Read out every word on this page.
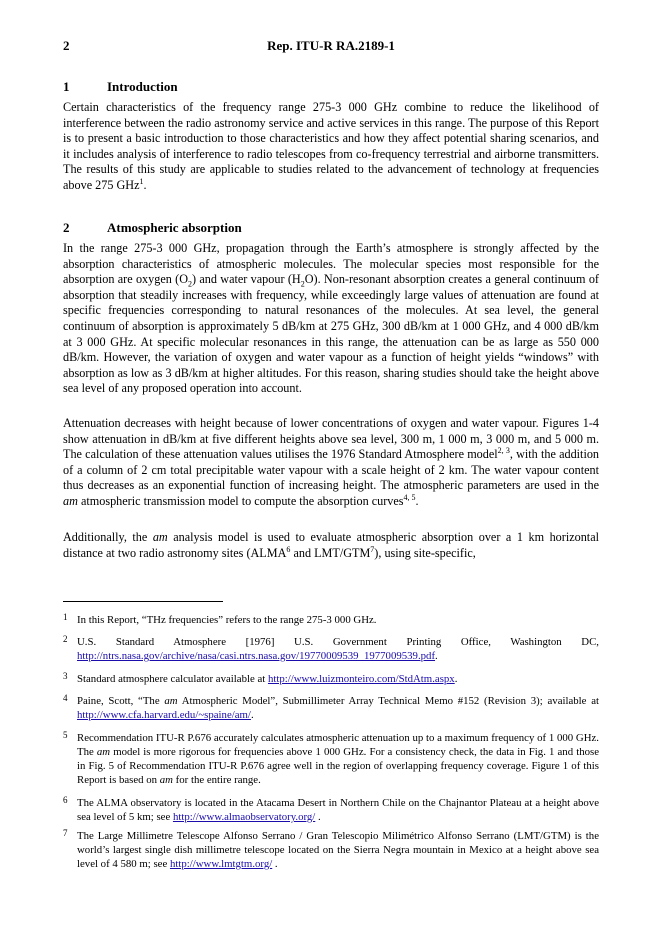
2	Rep. ITU-R RA.2189-1
1	Introduction

Certain characteristics of the frequency range 275-3 000 GHz combine to reduce the likelihood of interference between the radio astronomy service and active services in this range. The purpose of this Report is to present a basic introduction to those characteristics and how they affect potential sharing scenarios, and it includes analysis of interference to radio telescopes from co-frequency terrestrial and airborne transmitters. The results of this study are applicable to studies related to the advancement of technology at frequencies above 275 GHz$^1$.

2	Atmospheric absorption

In the range 275-3 000 GHz, propagation through the Earth’s atmosphere is strongly affected by the absorption characteristics of atmospheric molecules. The molecular species most responsible for the absorption are oxygen $(O_2)$ and water vapour $(H_2O)$. Non-resonant absorption creates a general continuum of absorption that steadily increases with frequency, while exceedingly large values of attenuation are found at specific frequencies corresponding to natural resonances of the molecules. At sea level, the general continuum of absorption is approximately 5 dB/km at 275 GHz, 300 dB/km at 1 000 GHz, and 4 000 dB/km at 3 000 GHz. At specific molecular resonances in this range, the attenuation can be as large as 550 000 dB/km. However, the variation of oxygen and water vapour as a function of height yields “windows” with absorption as low as 3 dB/km at higher altitudes. For this reason, sharing studies should take the height above sea level of any proposed operation into account.

Attenuation decreases with height because of lower concentrations of oxygen and water vapour. Figures 1-4 show attenuation in dB/km at five different heights above sea level, 300 m, 1 000 m, 3 000 m, and 5 000 m. The calculation of these attenuation values utilises the 1976 Standard Atmosphere model$^{2, 3}$, with the addition of a column of 2 cm total precipitable water vapour with a scale height of 2 km. The water vapour content thus decreases as an exponential function of increasing height. The atmospheric parameters are used in the am atmospheric transmission model to compute the absorption curves$^{4, 5}$.

Additionally, the am analysis model is used to evaluate atmospheric absorption over a 1 km horizontal distance at two radio astronomy sites (ALMA$^6$ and LMT/GTM$^7$), using site-specific,

1 In this Report, “THz frequencies” refers to the range 275-3 000 GHz.
2 U.S. Standard Atmosphere [1976] U.S. Government Printing Office, Washington DC, http://ntrs.nasa.gov/archive/nasa/casi.ntrs.nasa.gov/19770009539_1977009539.pdf.
3 Standard atmosphere calculator available at http://www.luizmonteiro.com/StdAtm.aspx.
4 Paine, Scott, “The am Atmospheric Model”, Submillimeter Array Technical Memo #152 (Revision 3); available at http://www.cfa.harvard.edu/~spaine/am/.
5 Recommendation ITU-R P.676 accurately calculates atmospheric attenuation up to a maximum frequency of 1 000 GHz. The am model is more rigorous for frequencies above 1 000 GHz. For a consistency check, the data in Fig. 1 and those in Fig. 5 of Recommendation ITU-R P.676 agree well in the region of overlapping frequency coverage. Figure 1 of this Report is based on am for the entire range.
6 The ALMA observatory is located in the Atacama Desert in Northern Chile on the Chajnantor Plateau at a height above sea level of 5 km; see http://www.almaobservatory.org/ .
7 The Large Millimetre Telescope Alfonso Serrano / Gran Telescopio Milimétrico Alfonso Serrano (LMT/GTM) is the world’s largest single dish millimetre telescope located on the Sierra Negra mountain in Mexico at a height above sea level of 4 580 m; see http://www.lmtgtm.org/ .
